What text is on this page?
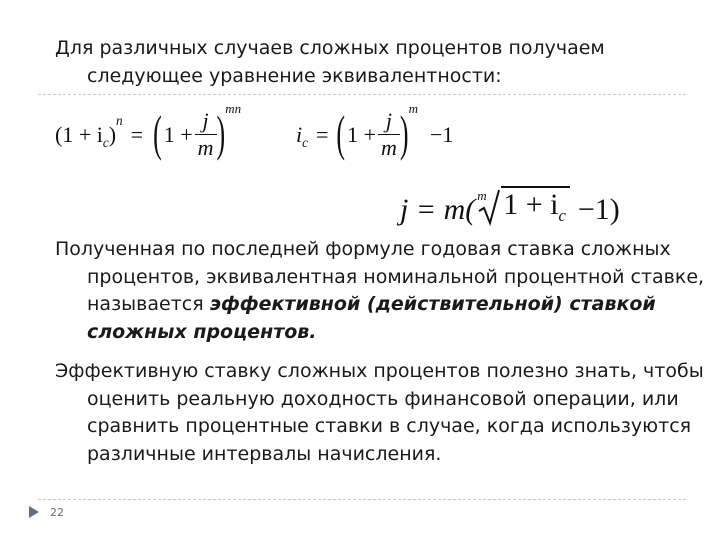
Для различных случаев сложных процентов получаем следующее уравнение эквивалентности:
($1 + i_c$ )
$^n$
= ( $1 + \frac{j}{m} )^{mn}$
$i_c$ = ( $1 + \frac{j}{m} )^m$
−1
j = m( m $1 + i_c -1$)
Полученная по последней формуле годовая ставка сложных процентов, эквивалентная номинальной процентной ставке, называется эффективной (действительной) ставкой сложных процентов.
Эффективную ставку сложных процентов полезно знать, чтобы оценить реальную доходность финансовой операции, или сравнить процентные ставки в случае, когда используются различные интервалы начисления.
22
